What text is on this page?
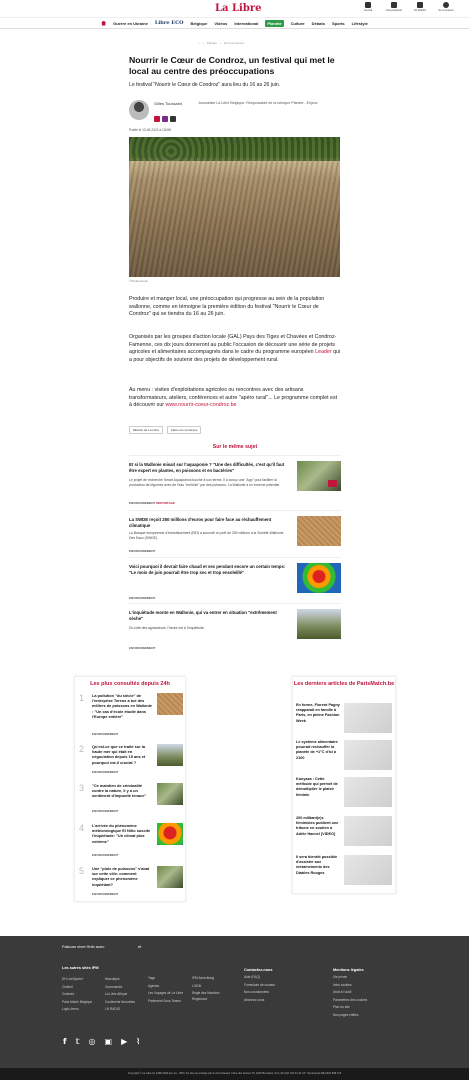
La Libre	Journal	Nos podcasts	LN RADIO	Se connecter
Guerre en Ukraine Libre ECO Belgique Vidéos International	Planète	Culture Débats Sports Lifestyle
⌂ › Planète › Environnement
Nourrir le Cœur de Condroz, un festival qui met le local au centre des préoccupations

Le festival "Nourrir le Cœur de Condroz" aura lieu du 16 au 26 juin.

Gilles Toussaint	Journaliste La Libre Belgique. Responsable de la rubrique Planète - Enjeux
Publié le 13-06-2022 à 12h58
©Shutterstock

Produire et manger local, une préoccupation qui progresse au sein de la population wallonne, comme en témoigne la première édition du festival "Nourrir le Cœur de Condroz" qui se tiendra du 16 au 26 juin.

Organisés par les groupes d'action locale (GAL) Pays des Tiges et Chavées et Condroz-Famenne, ces dix jours donneront au public l'occasion de découvrir une série de projets agricoles et alimentaires accompagnés dans le cadre du programme européen Leader qui a pour objectifs de soutenir des projets de développement rural.

Au menu : visites d'exploitations agricoles ou rencontres avec des artisans transformateurs, ateliers, conférences et autre "apéro rural"... Le programme complet est à découvrir sur www.nourrir-coeur-condroz.be

Mission de La Libre	Faire une remarque
Sur le même sujet
Et si la Wallonie misait sur l'aquaponie ? "Une des difficultés, c'est qu'il faut être expert en plantes, en poissons et en bactéries"
Le projet de recherche Smart Aquaponics touche à son terme. Il a conçu une "App" pour faciliter la production de légumes avec de l'eau "enrichie" par des poissons. La Wallonie a un énorme potentiel.
ENVIRONNEMENT REPORTAGE
La SWDE reçoit 250 millions d'euros pour faire face au réchauffement climatique
La Banque européenne d'investissement (BEI) a accordé un prêt de 250 millions à la Société Wallonne Des Eaux (SWDE).
ENVIRONNEMENT
Voici pourquoi il devrait faire chaud et sec pendant encore un certain temps: "Le mois de juin pourrait être trop sec et trop ensoleillé"
ENVIRONNEMENT
L'inquiétude monte en Wallonie, qui va entrer en situation "extrêmement sèche"
Du côté des agriculteurs, l'heure est à l'inquiétude.
ENVIRONNEMENT
Les plus consultés depuis 24h
1 La pollution "du siècle" de l'entreprise Tereos a tué des milliers de poissons en Wallonie : "Un cas d'école étudié dans l'Europe entière"
ENVIRONNEMENT
2 Qu'est-ce que ce traité sur la haute mer qui était en négociation depuis 15 ans et pourquoi est-il crucial ?
ENVIRONNEMENT
3 "Ce maintien de criminalité contre la nature, il y a un sentiment d'impunité tenace"
ENVIRONNEMENT
4 L'arrivée du phénomène météorologique El Niño suscite l'inquiétude: "Un climat plus extrême"
ENVIRONNEMENT
5 Une "pluie de poissons" s'abat sur cette ville: comment expliquer ce phénomène inquiétant?
ENVIRONNEMENT
Les derniers articles de ParisMatch.be
En forme, Florent Pagny réapparaît en famille à Paris, en pleine Fashion Week
Le système alimentaire pourrait réchauffer la planète de +1°C d'ici à 2100
Kunyaza : Cette méthode qui permet de démultiplier le plaisir féminin
200 militant(e)s féministes publient une tribune en soutien à Adèle Haenel [VIDEO]
Il sera bientôt possible d'assister aux entraînements des Diables Rouges
Faisons vivre l'info avec	et
Les autres sites IPM
DH LesSports+
Cinebel
Cuisinez
Paris Match Belgique
Logic-Immo
Moustique
Gourmandiz
La Libre Afrique
Continents Nouvelles
LN RADIO
Yago
Agenda
Les Voyages de La Libre
Parlement Sous Teams
IPM Advertising
L'ADN
Règle des Marchés Régionaux
Contactez-nous
Aide (FAQ)
Formulaire de contact
Nos coordonnées
Abonnez-vous
Mentions légales
Vie privée
Infos cookies
Droit à l'oubli
Paramétrez des cookies
Plan du site
Nos pages entités
f 𝕥 ◎ ▣ ▶ ⌇

Copyright © La Libre.be 1996-2023 ipm sa - IPM | Ce site est protégé par le droit d'auteur | Rue des Francs 79, 1040 Bruxelles | Tel +32 (0)2 744 44 44 | N° d'entreprise BE 0403.508.716
